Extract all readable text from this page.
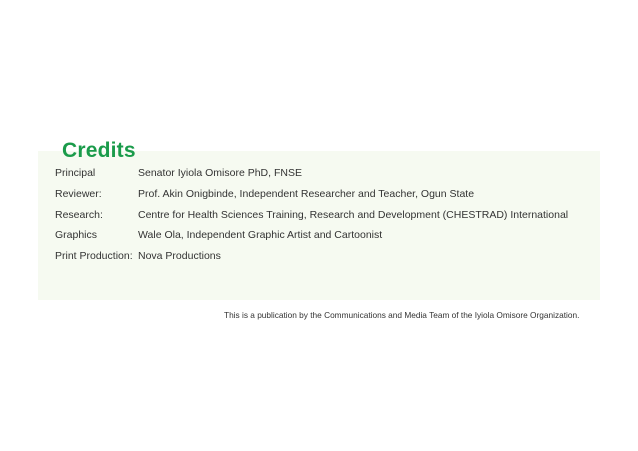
Credits
Principal	Senator Iyiola Omisore PhD, FNSE
Reviewer:	Prof. Akin Onigbinde, Independent Researcher and Teacher, Ogun State
Research:	Centre for Health Sciences Training, Research and Development (CHESTRAD) International
Graphics	Wale Ola, Independent Graphic Artist and Cartoonist
Print Production: Nova Productions
This is a publication by the Communications and Media Team of the Iyiola Omisore Organization.
